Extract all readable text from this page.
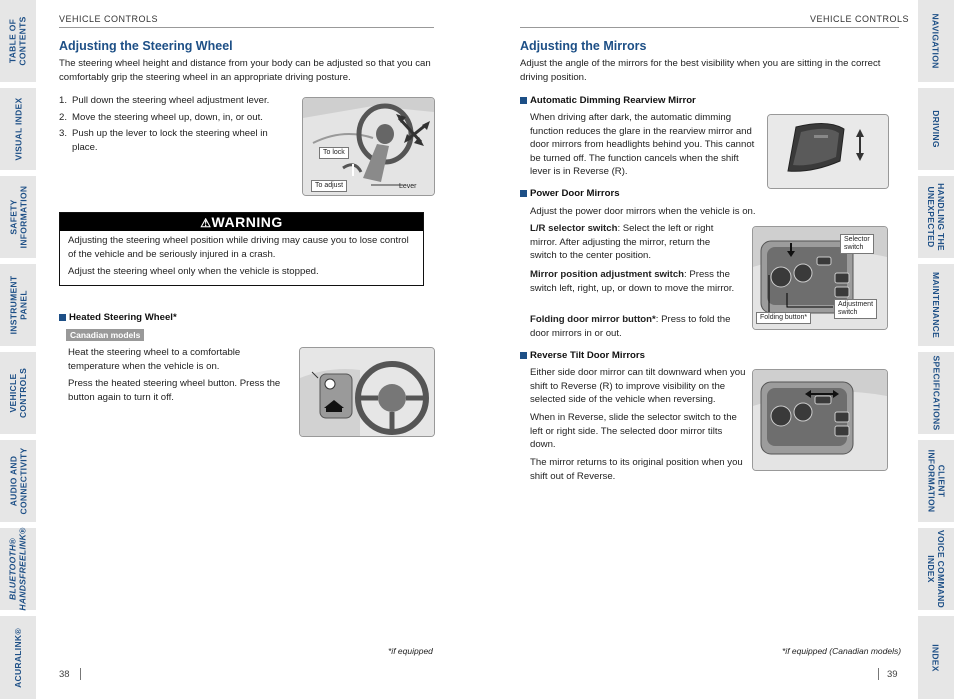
TABLE OF
CONTENTS
VISUAL INDEX
SAFETY
INFORMATION
INSTRUMENT
PANEL
VEHICLE
CONTROLS
AUDIO AND
CONNECTIVITY
BLUETOOTH®
HANDSFREELINK®
ACURALINK®
NAVIGATION
DRIVING
HANDLING THE
UNEXPECTED
MAINTENANCE
SPECIFICATIONS
CLIENT
INFORMATION
VOICE COMMAND
INDEX
INDEX
VEHICLE CONTROLS
Adjusting the Steering Wheel

The steering wheel height and distance from your body can be adjusted so that you can comfortably grip the steering wheel in an appropriate driving posture.

1. Pull down the steering wheel adjustment lever.
2. Move the steering wheel up, down, in, or out.
3. Push up the lever to lock the steering wheel in place.	To lock
To adjust	Lever
⚠WARNING

Adjusting the steering wheel position while driving may cause you to lose control of the vehicle and be seriously injured in a crash.

Adjust the steering wheel only when the vehicle is stopped.

Heated Steering Wheel*
Canadian models

Heat the steering wheel to a comfortable temperature when the vehicle is on.

Press the heated steering wheel button. Press the button again to turn it off.

*if equipped
38
VEHICLE CONTROLS
Adjusting the Mirrors

Adjust the angle of the mirrors for the best visibility when you are sitting in the correct driving position.

Automatic Dimming Rearview Mirror

When driving after dark, the automatic dimming function reduces the glare in the rearview mirror and door mirrors from headlights behind you. This cannot be turned off. The function cancels when the shift lever is in Reverse (R).

Power Door Mirrors

Adjust the power door mirrors when the vehicle is on.

L/R selector switch: Select the left or right mirror. After adjusting the mirror, return the switch to the center position.

Mirror position adjustment switch: Press the switch left, right, up, or down to move the mirror.

Folding door mirror button*: Press to fold the door mirrors in or out.

Selector
switch
Folding button*
Adjustment
switch
Reverse Tilt Door Mirrors

Either side door mirror can tilt downward when you shift to Reverse (R) to improve visibility on the selected side of the vehicle when reversing.

When in Reverse, slide the selector switch to the left or right side. The selected door mirror tilts down.

The mirror returns to its original position when you shift out of Reverse.

*if equipped (Canadian models)
39
